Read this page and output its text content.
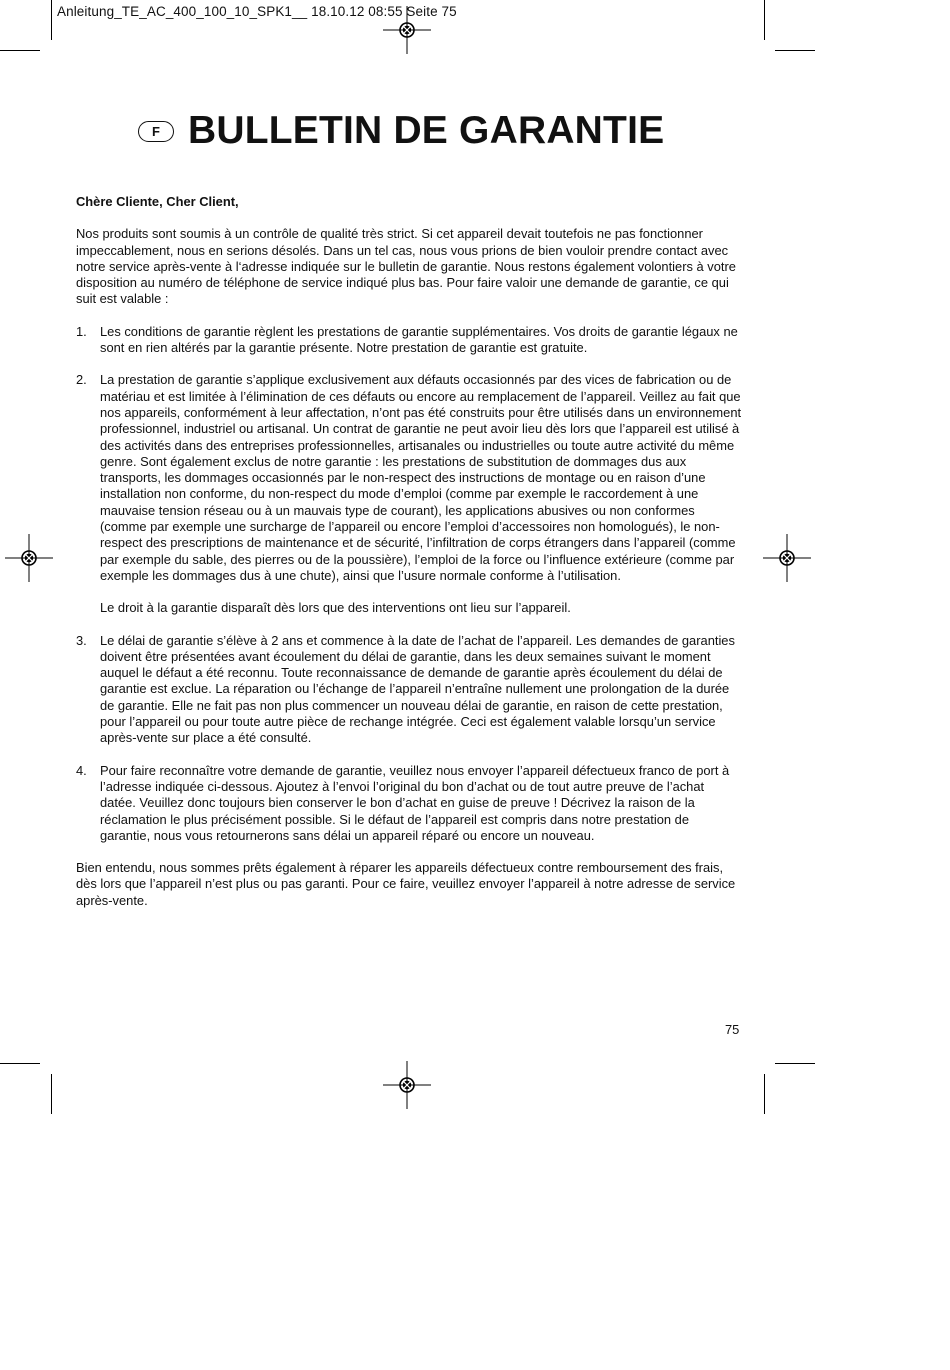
Anleitung_TE_AC_400_100_10_SPK1__ 18.10.12 08:55 Seite 75
F BULLETIN DE GARANTIE

Chère Cliente, Cher Client,

Nos produits sont soumis à un contrôle de qualité très strict. Si cet appareil devait toutefois ne pas fonctionner impeccablement, nous en serions désolés. Dans un tel cas, nous vous prions de bien vouloir prendre contact avec notre service après-vente à l‘adresse indiquée sur le bulletin de garantie. Nous restons également volontiers à votre disposition au numéro de téléphone de service indiqué plus bas. Pour faire valoir une demande de garantie, ce qui suit est valable :

1. Les conditions de garantie règlent les prestations de garantie supplémentaires. Vos droits de garantie légaux ne sont en rien altérés par la garantie présente. Notre prestation de garantie est gratuite.

2. La prestation de garantie s’applique exclusivement aux défauts occasionnés par des vices de fabrication ou de matériau et est limitée à l’élimination de ces défauts ou encore au remplacement de l’appareil. Veillez au fait que nos appareils, conformément à leur affectation, n’ont pas été construits pour être utilisés dans un environnement professionnel, industriel ou artisanal. Un contrat de garantie ne peut avoir lieu dès lors que l’appareil est utilisé à des activités dans des entreprises professionnelles, artisanales ou industrielles ou toute autre activité du même genre. Sont également exclus de notre garantie : les prestations de substitution de dommages dus aux transports, les dommages occasionnés par le non-respect des instructions de montage ou en raison d’une installation non conforme, du non-respect du mode d’emploi (comme par exemple le raccordement à une mauvaise tension réseau ou à un mauvais type de courant), les applications abusives ou non conformes (comme par exemple une surcharge de l’appareil ou encore l’emploi d’accessoires non homologués), le non-respect des prescriptions de maintenance et de sécurité, l’infiltration de corps étrangers dans l’appareil (comme par exemple du sable, des pierres ou de la poussière), l’emploi de la force ou l’influence extérieure (comme par exemple les dommages dus à une chute), ainsi que l’usure normale conforme à l’utilisation.

Le droit à la garantie disparaît dès lors que des interventions ont lieu sur l’appareil.

3. Le délai de garantie s’élève à 2 ans et commence à la date de l’achat de l’appareil. Les demandes de garanties doivent être présentées avant écoulement du délai de garantie, dans les deux semaines suivant le moment auquel le défaut a été reconnu. Toute reconnaissance de demande de garantie après écoulement du délai de garantie est exclue. La réparation ou l’échange de l’appareil n’entraîne nullement une prolongation de la durée de garantie. Elle ne fait pas non plus commencer un nouveau délai de garantie, en raison de cette prestation, pour l’appareil ou pour toute autre pièce de rechange intégrée. Ceci est également valable lorsqu’un service après-vente sur place a été consulté.

4. Pour faire reconnaître votre demande de garantie, veuillez nous envoyer l’appareil défectueux franco de port à l’adresse indiquée ci-dessous. Ajoutez à l’envoi l’original du bon d’achat ou de tout autre preuve de l’achat datée. Veuillez donc toujours bien conserver le bon d’achat en guise de preuve ! Décrivez la raison de la réclamation le plus précisément possible. Si le défaut de l’appareil est compris dans notre prestation de garantie, nous vous retournerons sans délai un appareil réparé ou encore un nouveau.

Bien entendu, nous sommes prêts également à réparer les appareils défectueux contre remboursement des frais, dès lors que l’appareil n’est plus ou pas garanti. Pour ce faire, veuillez envoyer l’appareil à notre adresse de service après-vente.

75
